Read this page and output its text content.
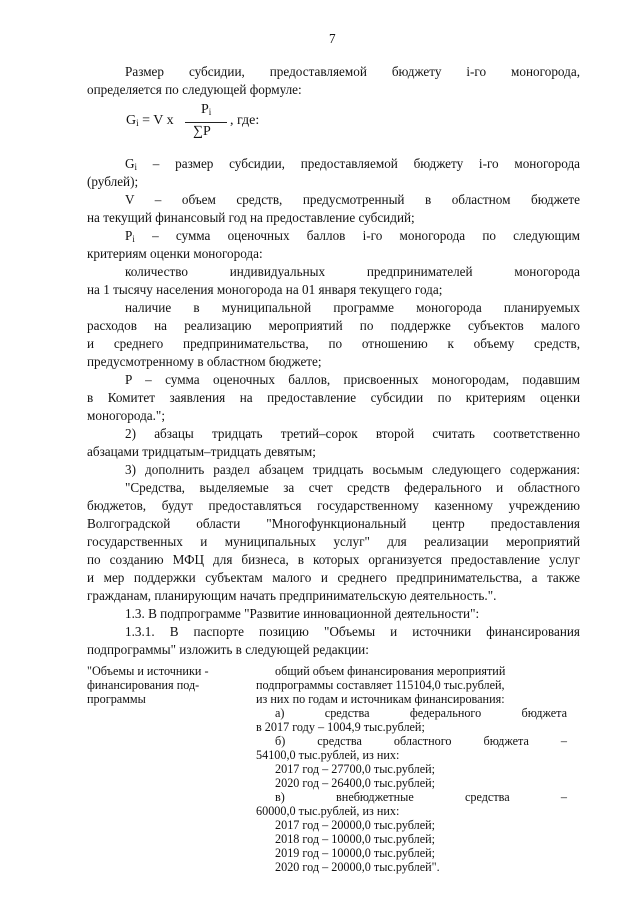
7
Размер субсидии, предоставляемой бюджету i-го моногорода,
определяется по следующей формуле:
$G_i = V$ x
$P_i$
∑P
, где:
$G_i$ – размер субсидии, предоставляемой бюджету i-го моногорода
(рублей);
V – объем средств, предусмотренный в областном бюджете
на текущий финансовый год на предоставление субсидий;
$P_i$ – сумма оценочных баллов i-го моногорода по следующим
критериям оценки моногорода:
количество индивидуальных предпринимателей моногорода
на 1 тысячу населения моногорода на 01 января текущего года;
наличие в муниципальной программе моногорода планируемых
расходов на реализацию мероприятий по поддержке субъектов малого
и среднего предпринимательства, по отношению к объему средств,
предусмотренному в областном бюджете;
P – сумма оценочных баллов, присвоенных моногородам, подавшим
в Комитет заявления на предоставление субсидии по критериям оценки
моногорода.";
2) абзацы тридцать третий–сорок второй считать соответственно
абзацами тридцатым–тридцать девятым;
3) дополнить раздел абзацем тридцать восьмым следующего содержания:
"Средства, выделяемые за счет средств федерального и областного
бюджетов, будут предоставляться государственному казенному учреждению
Волгоградской области "Многофункциональный центр предоставления
государственных и муниципальных услуг" для реализации мероприятий
по созданию МФЦ для бизнеса, в которых организуется предоставление услуг
и мер поддержки субъектам малого и среднего предпринимательства, а также
гражданам, планирующим начать предпринимательскую деятельность.".
1.3. В подпрограмме "Развитие инновационной деятельности":
1.3.1. В паспорте позицию "Объемы и источники финансирования
подпрограммы" изложить в следующей редакции:
"Объемы и источники -
финансирования под-
программы
общий объем финансирования мероприятий
подпрограммы составляет 115104,0 тыс.рублей,
из них по годам и источникам финансирования:
а) средства федерального бюджета
в 2017 году – 1004,9 тыс.рублей;
б) средства областного бюджета –
54100,0 тыс.рублей, из них:
2017 год – 27700,0 тыс.рублей;
2020 год – 26400,0 тыс.рублей;
в) внебюджетные средства –
60000,0 тыс.рублей, из них:
2017 год – 20000,0 тыс.рублей;
2018 год – 10000,0 тыс.рублей;
2019 год – 10000,0 тыс.рублей;
2020 год – 20000,0 тыс.рублей".
